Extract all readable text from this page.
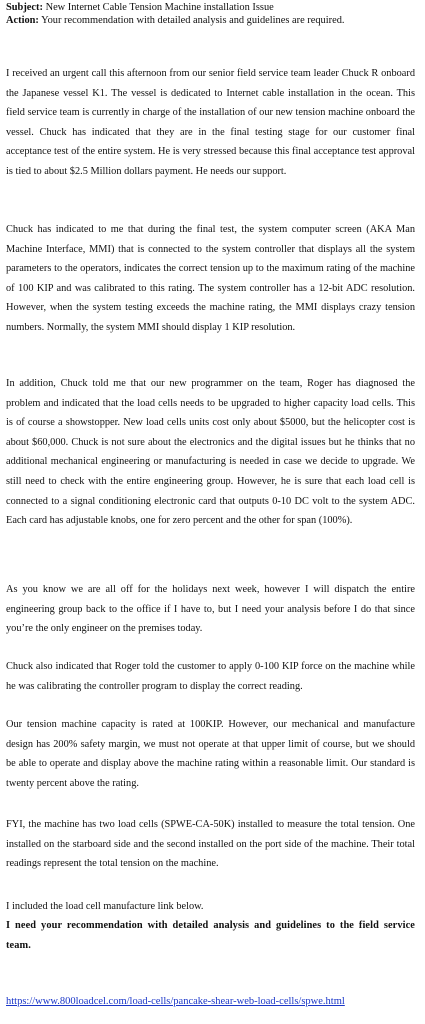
Subject: New Internet Cable Tension Machine installation Issue
Action: Your recommendation with detailed analysis and guidelines are required.

I received an urgent call this afternoon from our senior field service team leader Chuck R onboard the Japanese vessel K1. The vessel is dedicated to Internet cable installation in the ocean. This field service team is currently in charge of the installation of our new tension machine onboard the vessel. Chuck has indicated that they are in the final testing stage for our customer final acceptance test of the entire system. He is very stressed because this final acceptance test approval is tied to about $2.5 Million dollars payment. He needs our support.

Chuck has indicated to me that during the final test, the system computer screen (AKA Man Machine Interface, MMI) that is connected to the system controller that displays all the system parameters to the operators, indicates the correct tension up to the maximum rating of the machine of 100 KIP and was calibrated to this rating. The system controller has a 12-bit ADC resolution. However, when the system testing exceeds the machine rating, the MMI displays crazy tension numbers. Normally, the system MMI should display 1 KIP resolution.

In addition, Chuck told me that our new programmer on the team, Roger has diagnosed the problem and indicated that the load cells needs to be upgraded to higher capacity load cells. This is of course a showstopper. New load cells units cost only about $5000, but the helicopter cost is about $60,000. Chuck is not sure about the electronics and the digital issues but he thinks that no additional mechanical engineering or manufacturing is needed in case we decide to upgrade. We still need to check with the entire engineering group. However, he is sure that each load cell is connected to a signal conditioning electronic card that outputs 0-10 DC volt to the system ADC. Each card has adjustable knobs, one for zero percent and the other for span (100%).

As you know we are all off for the holidays next week, however I will dispatch the entire engineering group back to the office if I have to, but I need your analysis before I do that since you’re the only engineer on the premises today.

Chuck also indicated that Roger told the customer to apply 0-100 KIP force on the machine while he was calibrating the controller program to display the correct reading.

Our tension machine capacity is rated at 100KIP. However, our mechanical and manufacture design has 200% safety margin, we must not operate at that upper limit of course, but we should be able to operate and display above the machine rating within a reasonable limit. Our standard is twenty percent above the rating.

FYI, the machine has two load cells (SPWE-CA-50K) installed to measure the total tension. One installed on the starboard side and the second installed on the port side of the machine. Their total readings represent the total tension on the machine.

I included the load cell manufacture link below.

I need your recommendation with detailed analysis and guidelines to the field service team.

https://www.800loadcel.com/load-cells/pancake-shear-web-load-cells/spwe.html
